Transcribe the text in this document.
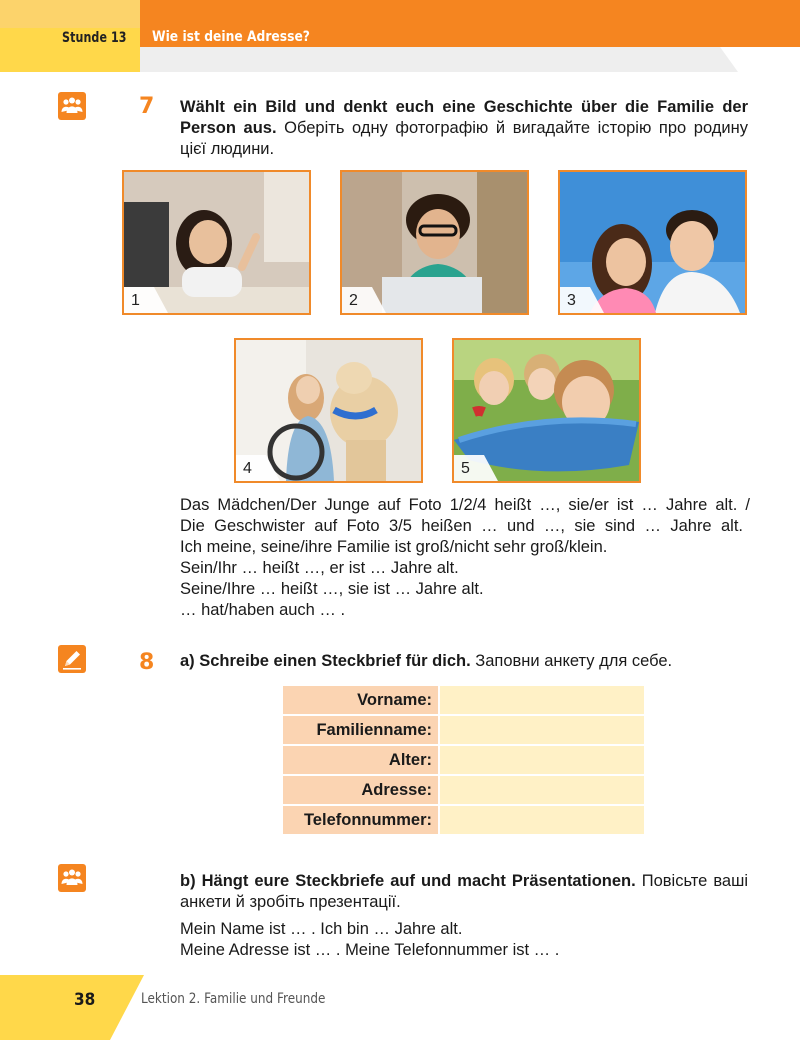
Stunde 13 Wie ist deine Adresse?
7 Wählt ein Bild und denkt euch eine Geschichte über die Familie der Person aus. Оберіть одну фотографію й вигадайте історію про родину цієї людини.
1	2	3
4	5
Das Mädchen/Der Junge auf Foto 1/2/4 heißt …, sie/er ist … Jahre alt. /
Die Geschwister auf Foto 3/5 heißen … und …, sie sind … Jahre alt.
Ich meine, seine/ihre Familie ist groß/nicht sehr groß/klein.
Sein/Ihr … heißt …, er ist … Jahre alt.
Seine/Ihre … heißt …, sie ist … Jahre alt.
… hat/haben auch … .
8 a) Schreibe einen Steckbrief für dich. Заповни анкету для себе.
Vorname:	
Familienname:	
Alter:	
Adresse:	
Telefonnummer:	
b) Hängt eure Steckbriefe auf und macht Präsentationen. Повісьте ваші анкети й зробіть презентації.
Mein Name ist … . Ich bin … Jahre alt.
Meine Adresse ist … . Meine Telefonnummer ist … .
38	Lektion 2. Familie und Freunde
